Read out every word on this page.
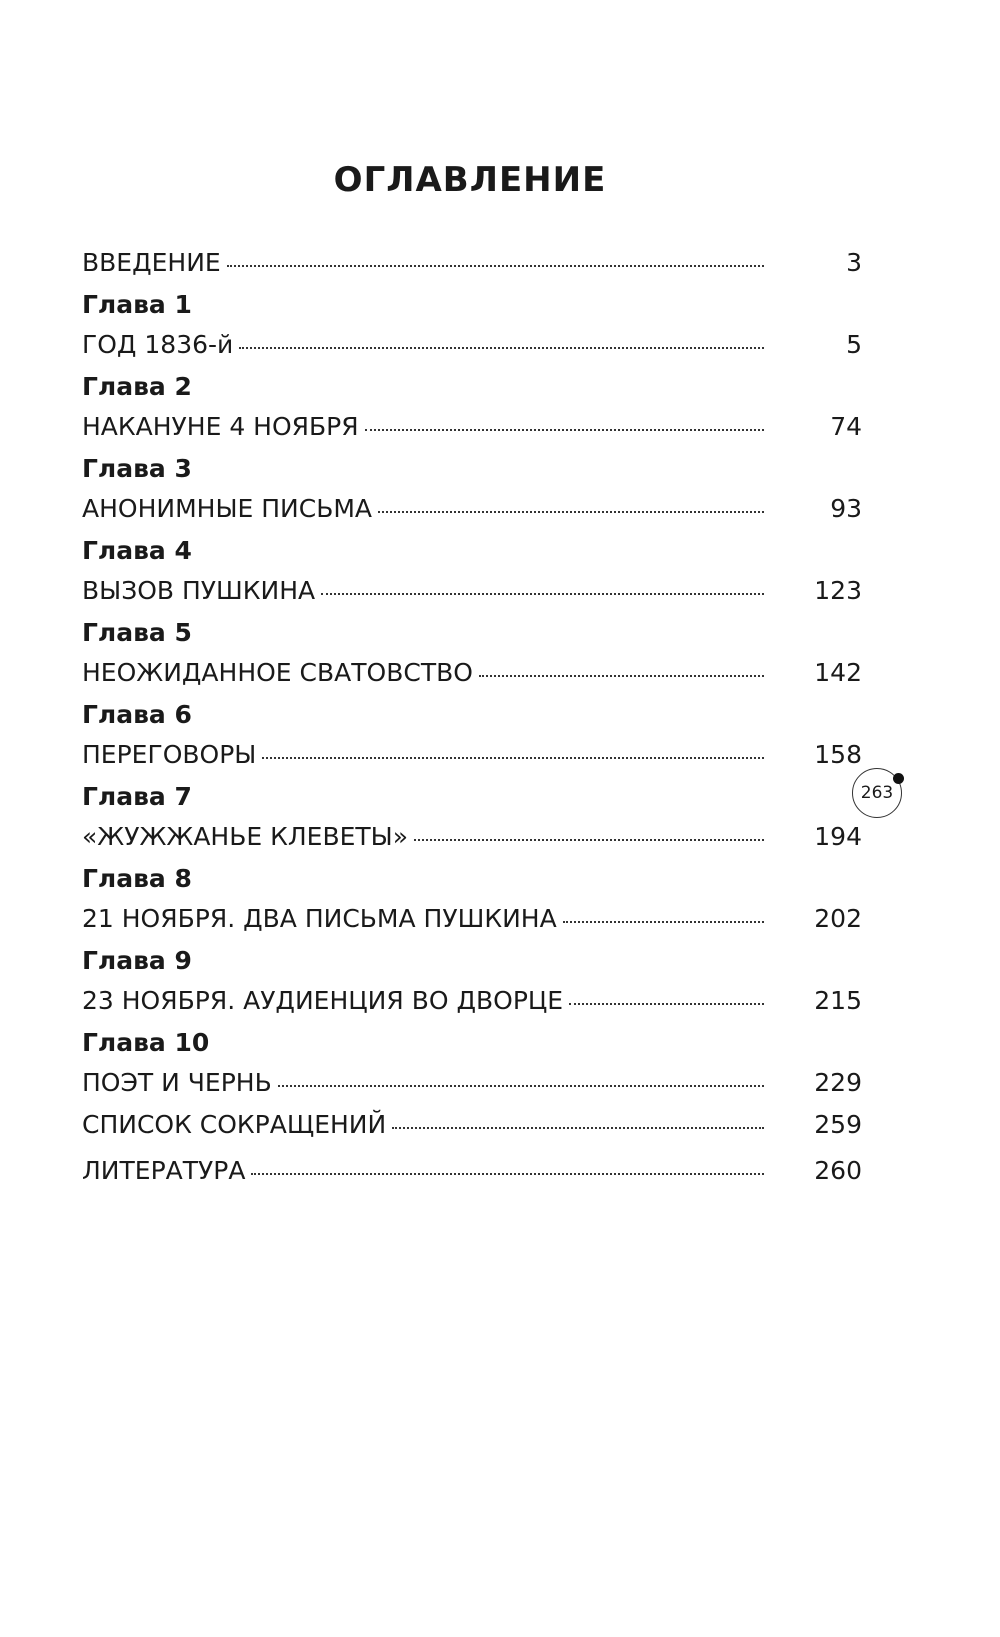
ОГЛАВЛЕНИЕ
ВВЕДЕНИЕ	3
Глава 1
ГОД 1836-й	5
Глава 2
НАКАНУНЕ 4 НОЯБРЯ	74
Глава 3
АНОНИМНЫЕ ПИСЬМА	93
Глава 4
ВЫЗОВ ПУШКИНА	123
Глава 5
НЕОЖИДАННОЕ СВАТОВСТВО	142
Глава 6
ПЕРЕГОВОРЫ	158
Глава 7
«ЖУЖЖАНЬЕ КЛЕВЕТЫ»	194
Глава 8
21 НОЯБРЯ. ДВА ПИСЬМА ПУШКИНА	202
Глава 9
23 НОЯБРЯ. АУДИЕНЦИЯ ВО ДВОРЦЕ	215
Глава 10
ПОЭТ И ЧЕРНЬ	229
СПИСОК СОКРАЩЕНИЙ	259
ЛИТЕРАТУРА	260
263
